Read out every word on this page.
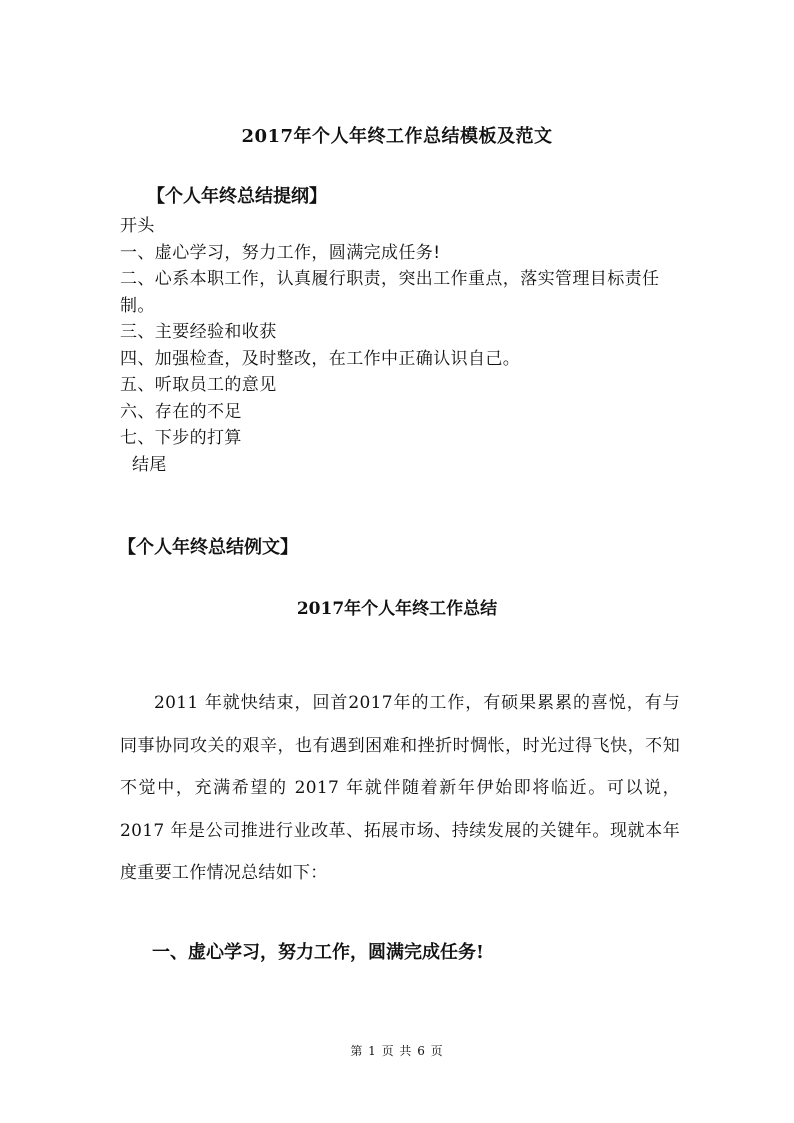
2017年个人年终工作总结模板及范文
【个人年终总结提纲】
开头
一、虚心学习，努力工作，圆满完成任务!
二、心系本职工作，认真履行职责，突出工作重点，落实管理目标责任制。
三、主要经验和收获
四、加强检查，及时整改，在工作中正确认识自己。
五、听取员工的意见
六、存在的不足
七、下步的打算
结尾
【个人年终总结例文】
2017年个人年终工作总结
2011 年就快结束，回首2017年的工作，有硕果累累的喜悦，有与同事协同攻关的艰辛，也有遇到困难和挫折时惆怅，时光过得飞快，不知不觉中，充满希望的 2017 年就伴随着新年伊始即将临近。可以说，2017 年是公司推进行业改革、拓展市场、持续发展的关键年。现就本年度重要工作情况总结如下：
一、虚心学习，努力工作，圆满完成任务!
第 1 页 共 6 页
